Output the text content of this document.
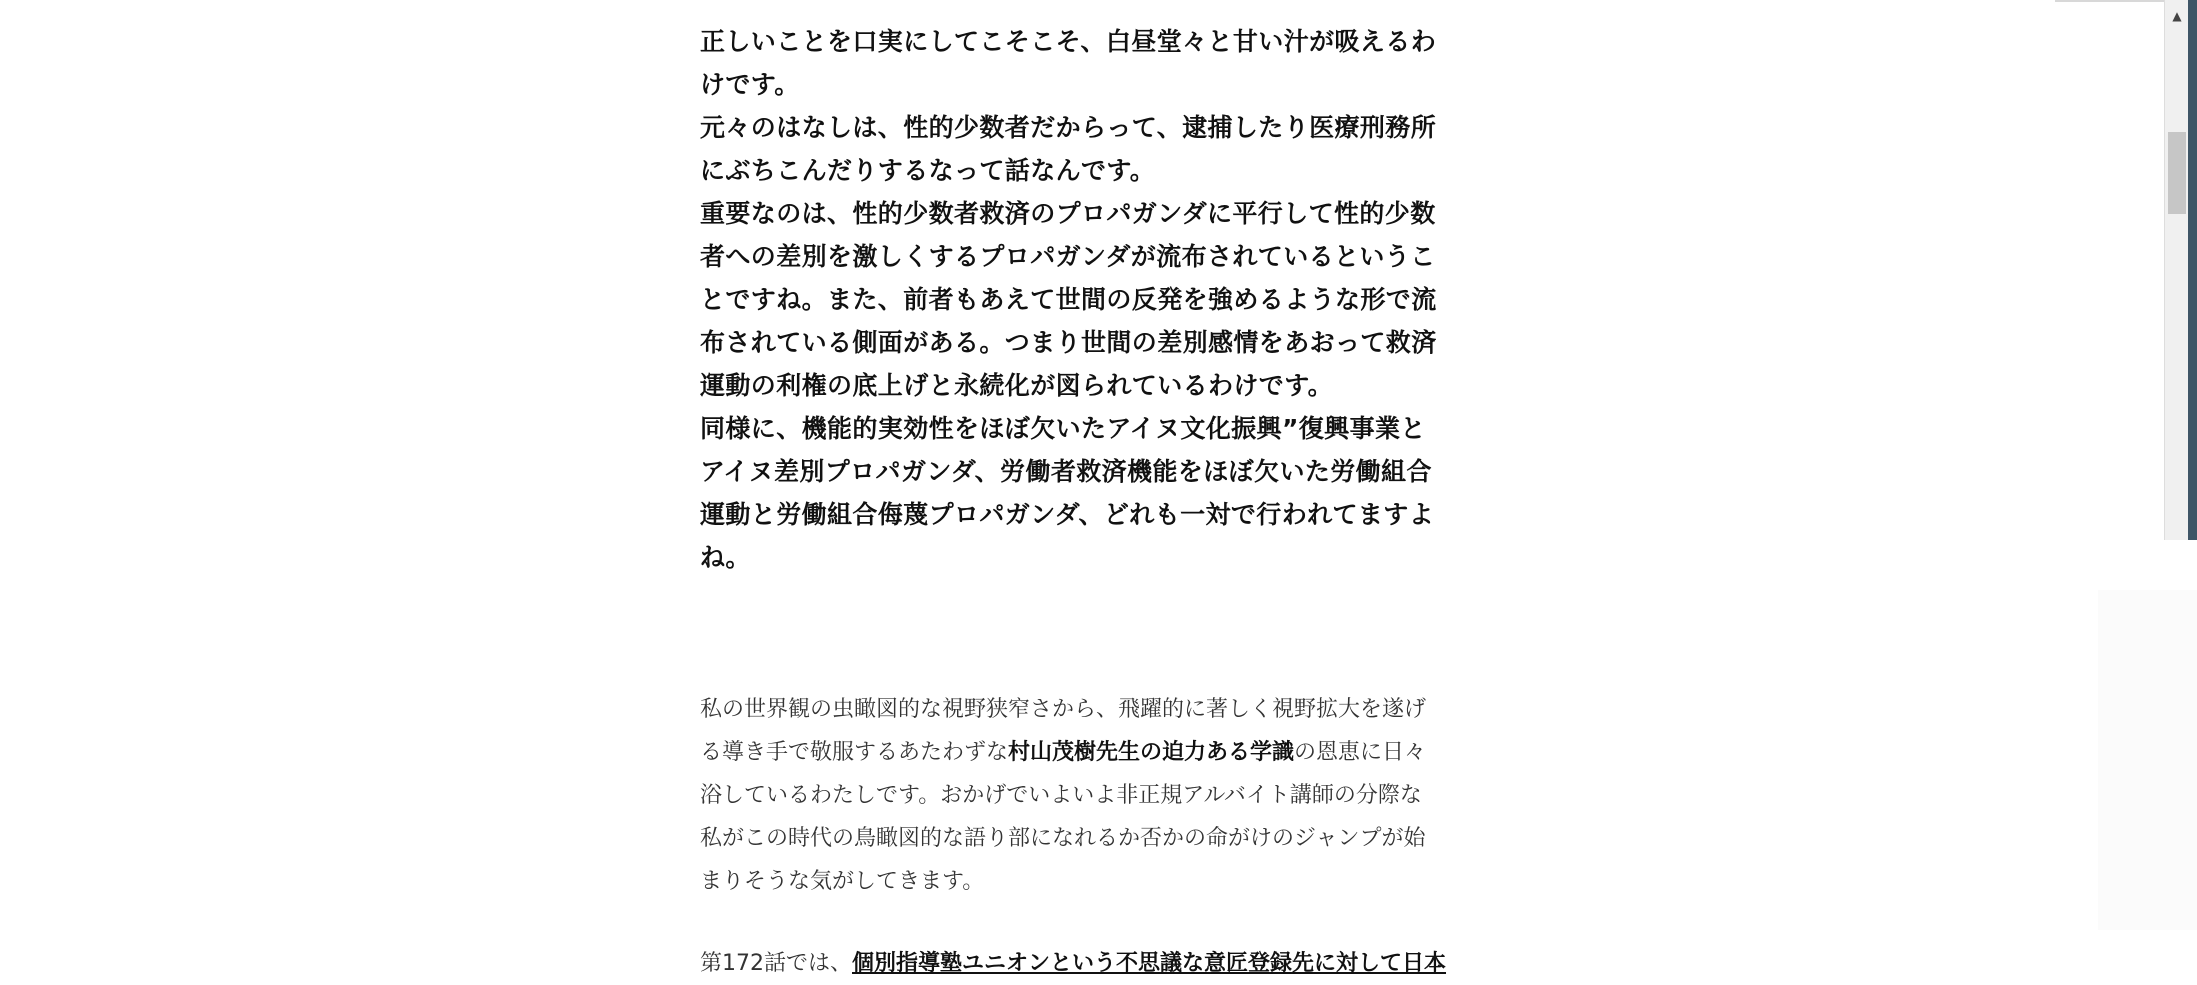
正しいことを口実にしてこそこそ、白昼堂々と甘い汁が吸えるわけです。

元々のはなしは、性的少数者だからって、逮捕したり医療刑務所にぶちこんだりするなって話なんです。

重要なのは、性的少数者救済のプロパガンダに平行して性的少数者への差別を激しくするプロパガンダが流布されているということですね。また、前者もあえて世間の反発を強めるような形で流布されている側面がある。つまり世間の差別感情をあおって救済運動の利権の底上げと永続化が図られているわけです。

同様に、機能的実効性をほぼ欠いたアイヌ文化振興”復興事業とアイヌ差別プロパガンダ、労働者救済機能をほぼ欠いた労働組合運動と労働組合侮蔑プロパガンダ、どれも一対で行われてますよね。

私の世界観の虫瞰図的な視野狭窄さから、飛躍的に著しく視野拡大を遂げる導き手で敬服するあたわずな村山茂樹先生の迫力ある学識の恩恵に日々浴しているわたしです。おかげでいよいよ非正規アルバイト講師の分際な私がこの時代の鳥瞰図的な語り部になれるか否かの命がけのジャンプが始まりそうな気がしてきます。

第172話では、個別指導塾ユニオンという不思議な意匠登録先に対して日本
▲
